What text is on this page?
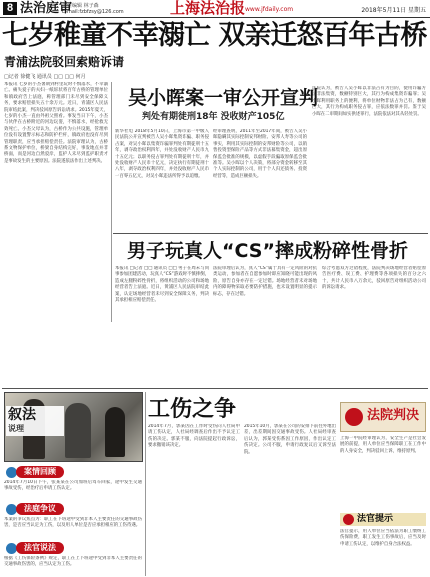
8 法治庭审
责任编辑 林子森
E-mail:fzbfzsy@126.com	上海法治报 www.jfdaily.com	2018年5月11日 星期五
七岁稚童不幸溺亡 双亲迁怒百年古桥
青浦法院驳回索赔诉请
□记者 徐健飞 通讯员 □□ □□ 何月
本报讯 七岁的小杰暑期到村里玩时不慎落水，不幸溺亡。痛失爱子的夫妇一纸诉状将百年古桥的管理单位和镇政府告上法庭，称管理部门未尽到安全保障义务，要求赔偿损失五十余万元。近日，青浦区人民法院审结此案，判决驳回原告诉讼请求。2015年夏天，七岁的小杰一直由外祖父照看。事发当日下午，小杰与伙伴在古桥附近的河边玩耍，不慎落水，经抢救无效死亡。小杰父母认为，古桥作为公共设施，管理单位没有设置警示标志和防护栏杆，镇政府也没有尽到管理职责，应当承担赔偿责任。法院审理认为，古桥系文物保护单位，桥梁自身结构完好，事发地点并非桥面，而是河边自然驳岸，监护人未尽到监护职责才是事故发生的主要原因。法院遂依法作出上述判决。
吴小晖案一审公开宣判
判处有期徒刑18年 没收财产105亿
新华社电 2018年5月10日，上海市第一中级人民法院公开宣判被告人吴小晖集资诈骗、职务侵占案，对吴小晖以集资诈骗罪判处有期徒刑十五年，剥夺政治权利四年，并处没收财产人民币九十五亿元；以职务侵占罪判处有期徒刑十年，并处没收财产人民币十亿元，决定执行有期徒刑十八年，剥夺政治权利四年，并处没收财产人民币一百零五亿元，对吴小晖违法所得予以追缴。
经审理查明，2011年至2017年间，被告人吴小晖隐瞒其实际控制安邦财险、安邦人寿等公司的事实，利用其实际控制的安邦财险等公司，以销售投资型保险产品等方式非法募集资金，超出原保监会批准的规模，以虚假手段骗取原保监会批准等。吴小晖以个人决策，将部分资金转移至其个人实际控制的公司，用于个人归还债务、投资经营等，造成巨额损失。
法院认为，被告人吴小晖以非法占有为目的，使用诈骗方法非法集资，数额特别巨大，其行为构成集资诈骗罪；吴小晖利用职务上的便利，将单位财物非法占为己有，数额巨大，其行为构成职务侵占罪，应依法数罪并罚。鉴于吴小晖在二审期间如实供述罪行，法院依法对其从轻处罚。
男子玩真人“CS”摔成粉碎性骨折
本报讯 □记者 □□ 通讯员 □□ 男子在周末与同事参加团建活动，玩真人“CS”游戏时不慎摔倒，造成左腿粉碎性骨折，将组织活动的公司和场地经营者告上法庭。近日，黄浦区人民法院审结此案，认定场地经营者未尽到安全保障义务，判决其承担相应赔偿责任。
法院审理后认为，真人“CS”属于具有一定风险的对抗类运动，参加者在自愿参加时即应知晓可能出现的风险，原告自身亦存在一定过错。场地经营者未对场地内的障碍物采取必要防护措施，也未设置明显的提示标志，存在过错。
综合考虑双方过错程度，法院判决场地经营者赔偿原告医疗费、误工费、护理费等各项损失的百分之六十，共计人民币八万余元，驳回原告对组织活动公司的诉讼请求。
叙法
说理
案情回顾
2014年7月10日下午，张某某在公司加班后驾车回家，途中发生交通事故受伤，经治疗后申请工伤认定。
法庭争议
本案的争议焦点为：职工在下班途中受到非本人主要责任的交通事故伤害，是否应当认定为工伤，以及用人单位是否应承担相应的工伤待遇。
法官说法
根据《工伤保险条例》规定，职工在上下班途中受到非本人主要责任的交通事故伤害的，应当认定为工伤。
工伤之争
2014年7月，郭某因在工作时受伤向人社局申请工伤认定，人社局经调查后作出不予认定工伤的决定。郭某不服，向法院提起行政诉讼，要求撤销该决定。
2015年10月，郭某在公司的安排下前往外地出差，出差期间因交通事故受伤。人社局经审查后认为，郭某受伤系因工作原因，作出认定工伤决定。公司不服，申请行政复议后又诉至法院。
法院判决
上海一中院经审理认为，安全生产是社会发展的前提，用人单位应当保障职工在工作中的人身安全，判决驳回上诉，维持原判。
法官提示
法官提示，用人单位应当依法为职工缴纳工伤保险费，职工发生工伤事故后，应当及时申请工伤认定，以维护自身合法权益。
